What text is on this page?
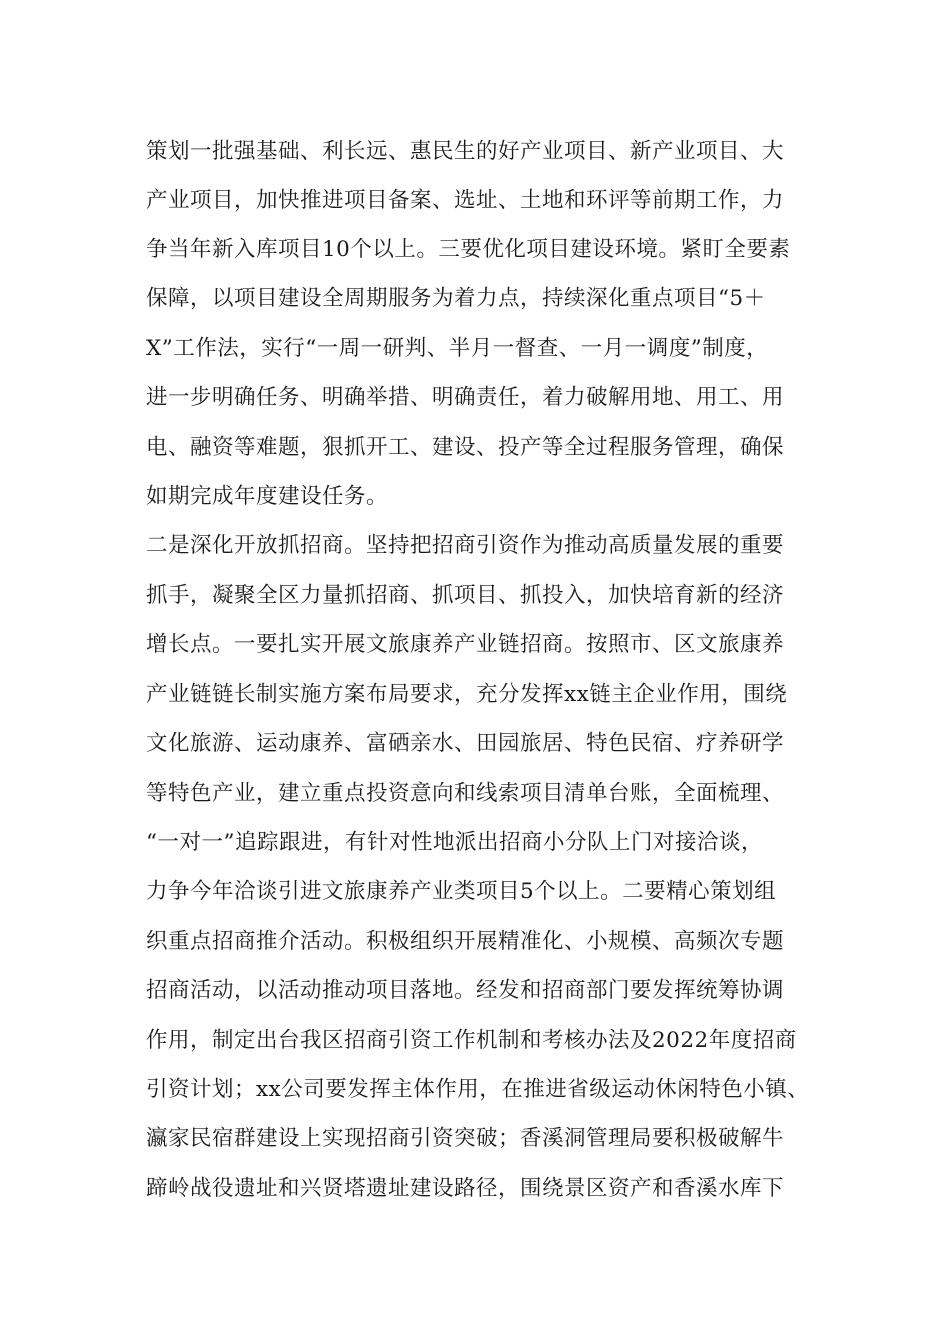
策划一批强基础、利长远、惠民生的好产业项目、新产业项目、大

产业项目，加快推进项目备案、选址、土地和环评等前期工作，力

争当年新入库项目10个以上。三要优化项目建设环境。紧盯全要素

保障，以项目建设全周期服务为着力点，持续深化重点项目“5＋

X”工作法，实行“一周一研判、半月一督查、一月一调度”制度，

进一步明确任务、明确举措、明确责任，着力破解用地、用工、用

电、融资等难题，狠抓开工、建设、投产等全过程服务管理，确保

如期完成年度建设任务。

二是深化开放抓招商。坚持把招商引资作为推动高质量发展的重要

抓手，凝聚全区力量抓招商、抓项目、抓投入，加快培育新的经济

增长点。一要扎实开展文旅康养产业链招商。按照市、区文旅康养

产业链链长制实施方案布局要求，充分发挥xx链主企业作用，围绕

文化旅游、运动康养、富硒亲水、田园旅居、特色民宿、疗养研学

等特色产业，建立重点投资意向和线索项目清单台账，全面梳理、

“一对一”追踪跟进，有针对性地派出招商小分队上门对接洽谈，

力争今年洽谈引进文旅康养产业类项目5个以上。二要精心策划组

织重点招商推介活动。积极组织开展精准化、小规模、高频次专题

招商活动，以活动推动项目落地。经发和招商部门要发挥统筹协调

作用，制定出台我区招商引资工作机制和考核办法及2022年度招商

引资计划；xx公司要发挥主体作用，在推进省级运动休闲特色小镇、

瀛家民宿群建设上实现招商引资突破；香溪洞管理局要积极破解牛

蹄岭战役遗址和兴贤塔遗址建设路径，围绕景区资产和香溪水库下
